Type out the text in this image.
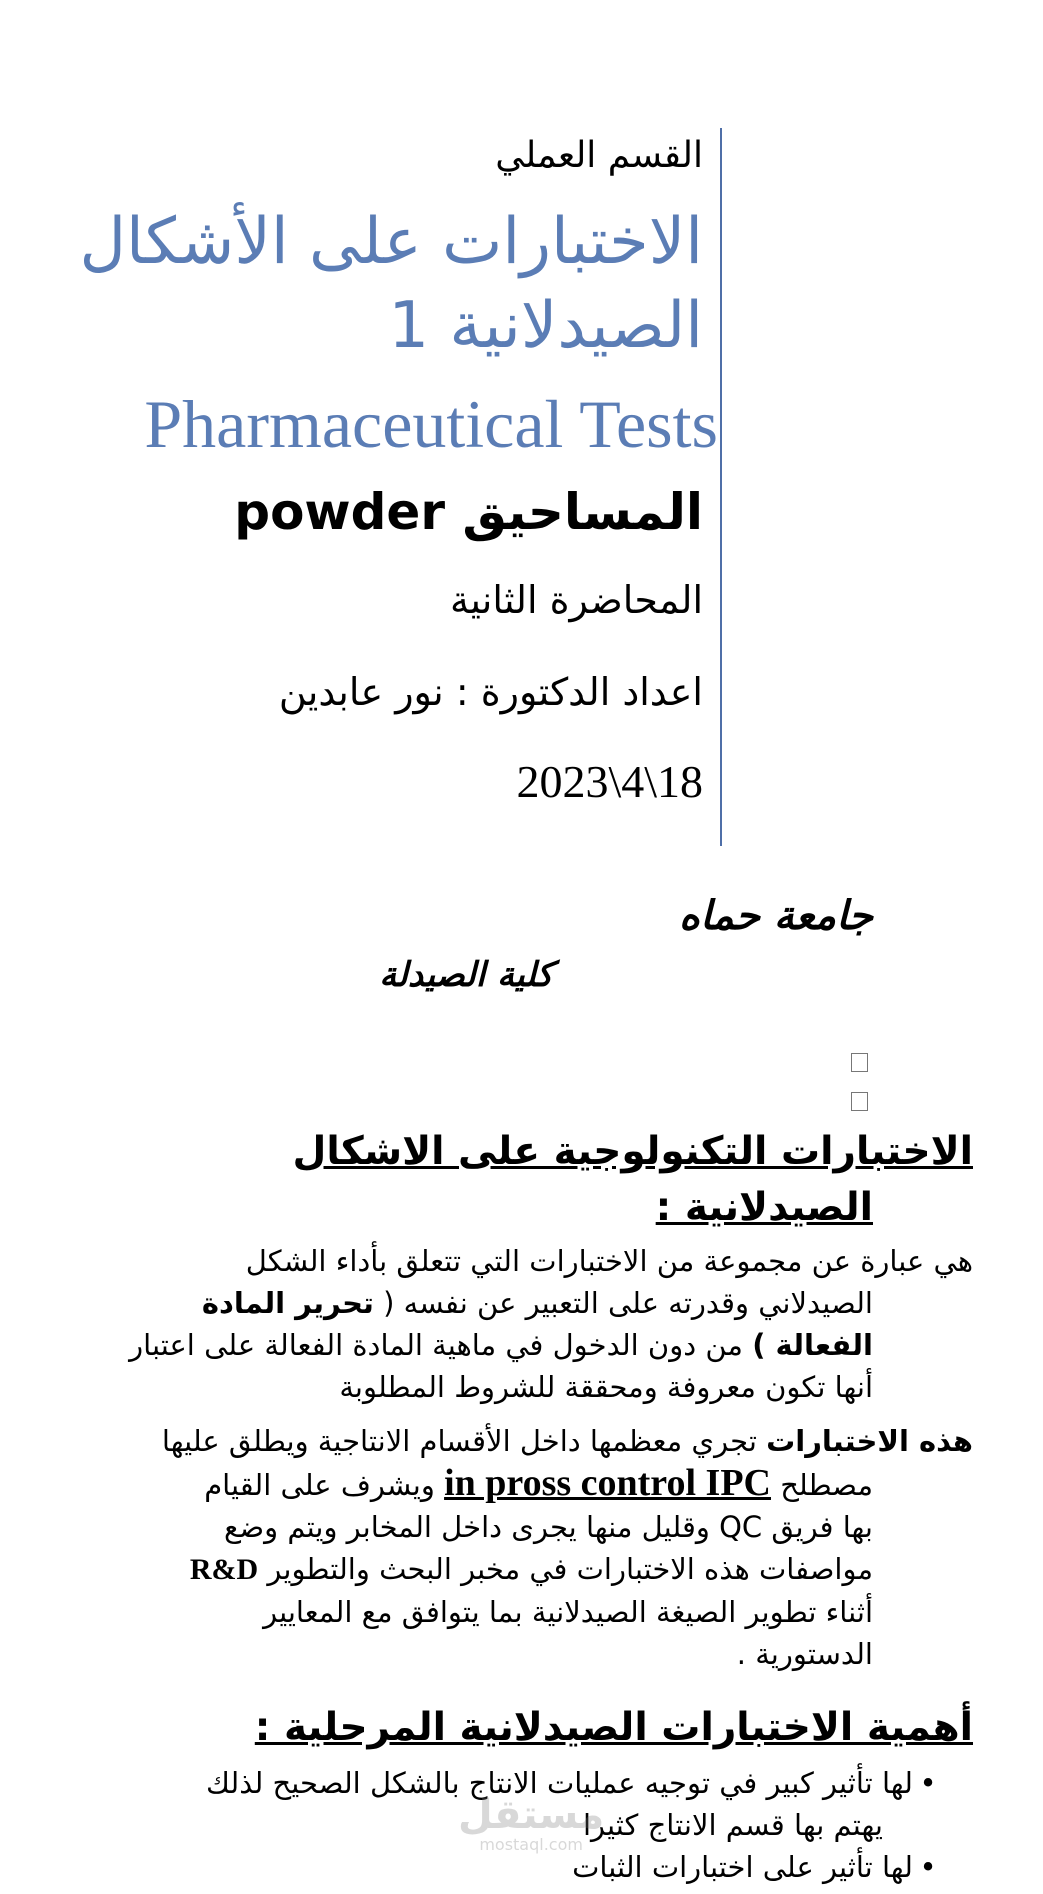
القسم العملي
الاختبارات على الأشكال
الصيدلانية 1
Pharmaceutical Tests
المساحيق powder
المحاضرة الثانية
اعداد الدكتورة : نور عابدين
2023\4\18
جامعة حماه
كلية الصيدلة
الاختبارات التكنولوجية على الاشكال
الصيدلانية :
هي عبارة عن مجموعة من الاختبارات التي تتعلق بأداء الشكل
الصيدلاني وقدرته على التعبير عن نفسه ( تحرير المادة
الفعالة ) من دون الدخول في ماهية المادة الفعالة على اعتبار
أنها تكون معروفة ومحققة للشروط المطلوبة
هذه الاختبارات تجري معظمها داخل الأقسام الانتاجية ويطلق عليها
مصطلح in pross control IPC ويشرف على القيام
بها فريق QC وقليل منها يجرى داخل المخابر ويتم وضع
مواصفات هذه الاختبارات في مخبر البحث والتطوير R&D
أثناء تطوير الصيغة الصيدلانية بما يتوافق مع المعايير
الدستورية .
أهمية الاختبارات الصيدلانية المرحلية :
•لها تأثير كبير في توجيه عمليات الانتاج بالشكل الصحيح لذلك
يهتم بها قسم الانتاج كثيرا
•لها تأثير على اختبارات الثبات
مستقل
mostaql.com
